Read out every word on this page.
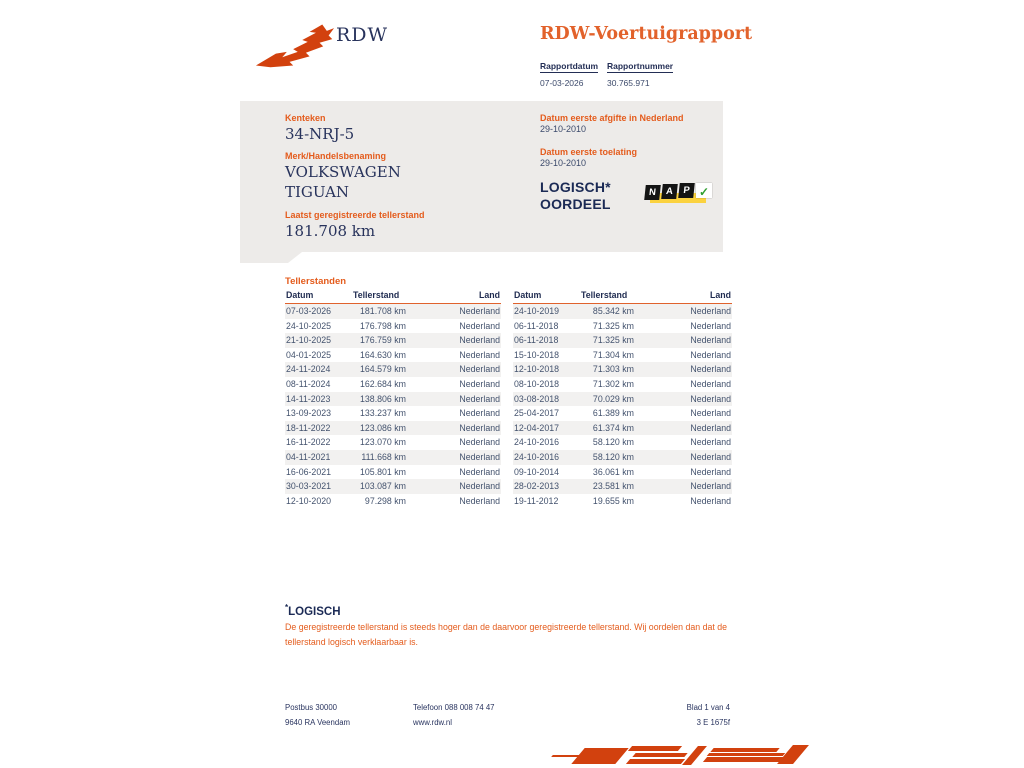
RDW	RDW-Voertuigrapport
Rapportdatum
07-03-2026
Rapportnummer
30.765.971
Kenteken
34-NRJ-5
Merk/Handelsbenaming
VOLKSWAGEN
TIGUAN
Laatst geregistreerde tellerstand
181.708 km
Datum eerste afgifte in Nederland
29-10-2010
Datum eerste toelating
29-10-2010
LOGISCH*
OORDEEL
N A P ✓
Tellerstanden
Datum	Tellerstand	Land
07-03-2026	181.708 km	Nederland
24-10-2025	176.798 km	Nederland
21-10-2025	176.759 km	Nederland
04-01-2025	164.630 km	Nederland
24-11-2024	164.579 km	Nederland
08-11-2024	162.684 km	Nederland
14-11-2023	138.806 km	Nederland
13-09-2023	133.237 km	Nederland
18-11-2022	123.086 km	Nederland
16-11-2022	123.070 km	Nederland
04-11-2021	111.668 km	Nederland
16-06-2021	105.801 km	Nederland
30-03-2021	103.087 km	Nederland
12-10-2020	97.298 km	Nederland
Datum	Tellerstand	Land
24-10-2019	85.342 km	Nederland
06-11-2018	71.325 km	Nederland
06-11-2018	71.325 km	Nederland
15-10-2018	71.304 km	Nederland
12-10-2018	71.303 km	Nederland
08-10-2018	71.302 km	Nederland
03-08-2018	70.029 km	Nederland
25-04-2017	61.389 km	Nederland
12-04-2017	61.374 km	Nederland
24-10-2016	58.120 km	Nederland
24-10-2016	58.120 km	Nederland
09-10-2014	36.061 km	Nederland
28-02-2013	23.581 km	Nederland
19-11-2012	19.655 km	Nederland
*LOGISCH
De geregistreerde tellerstand is steeds hoger dan de daarvoor geregistreerde tellerstand. Wij oordelen dan dat de tellerstand logisch verklaarbaar is.
Postbus 30000
9640 RA Veendam
Telefoon 088 008 74 47
www.rdw.nl
Blad 1 van 4
3 E 1675f
